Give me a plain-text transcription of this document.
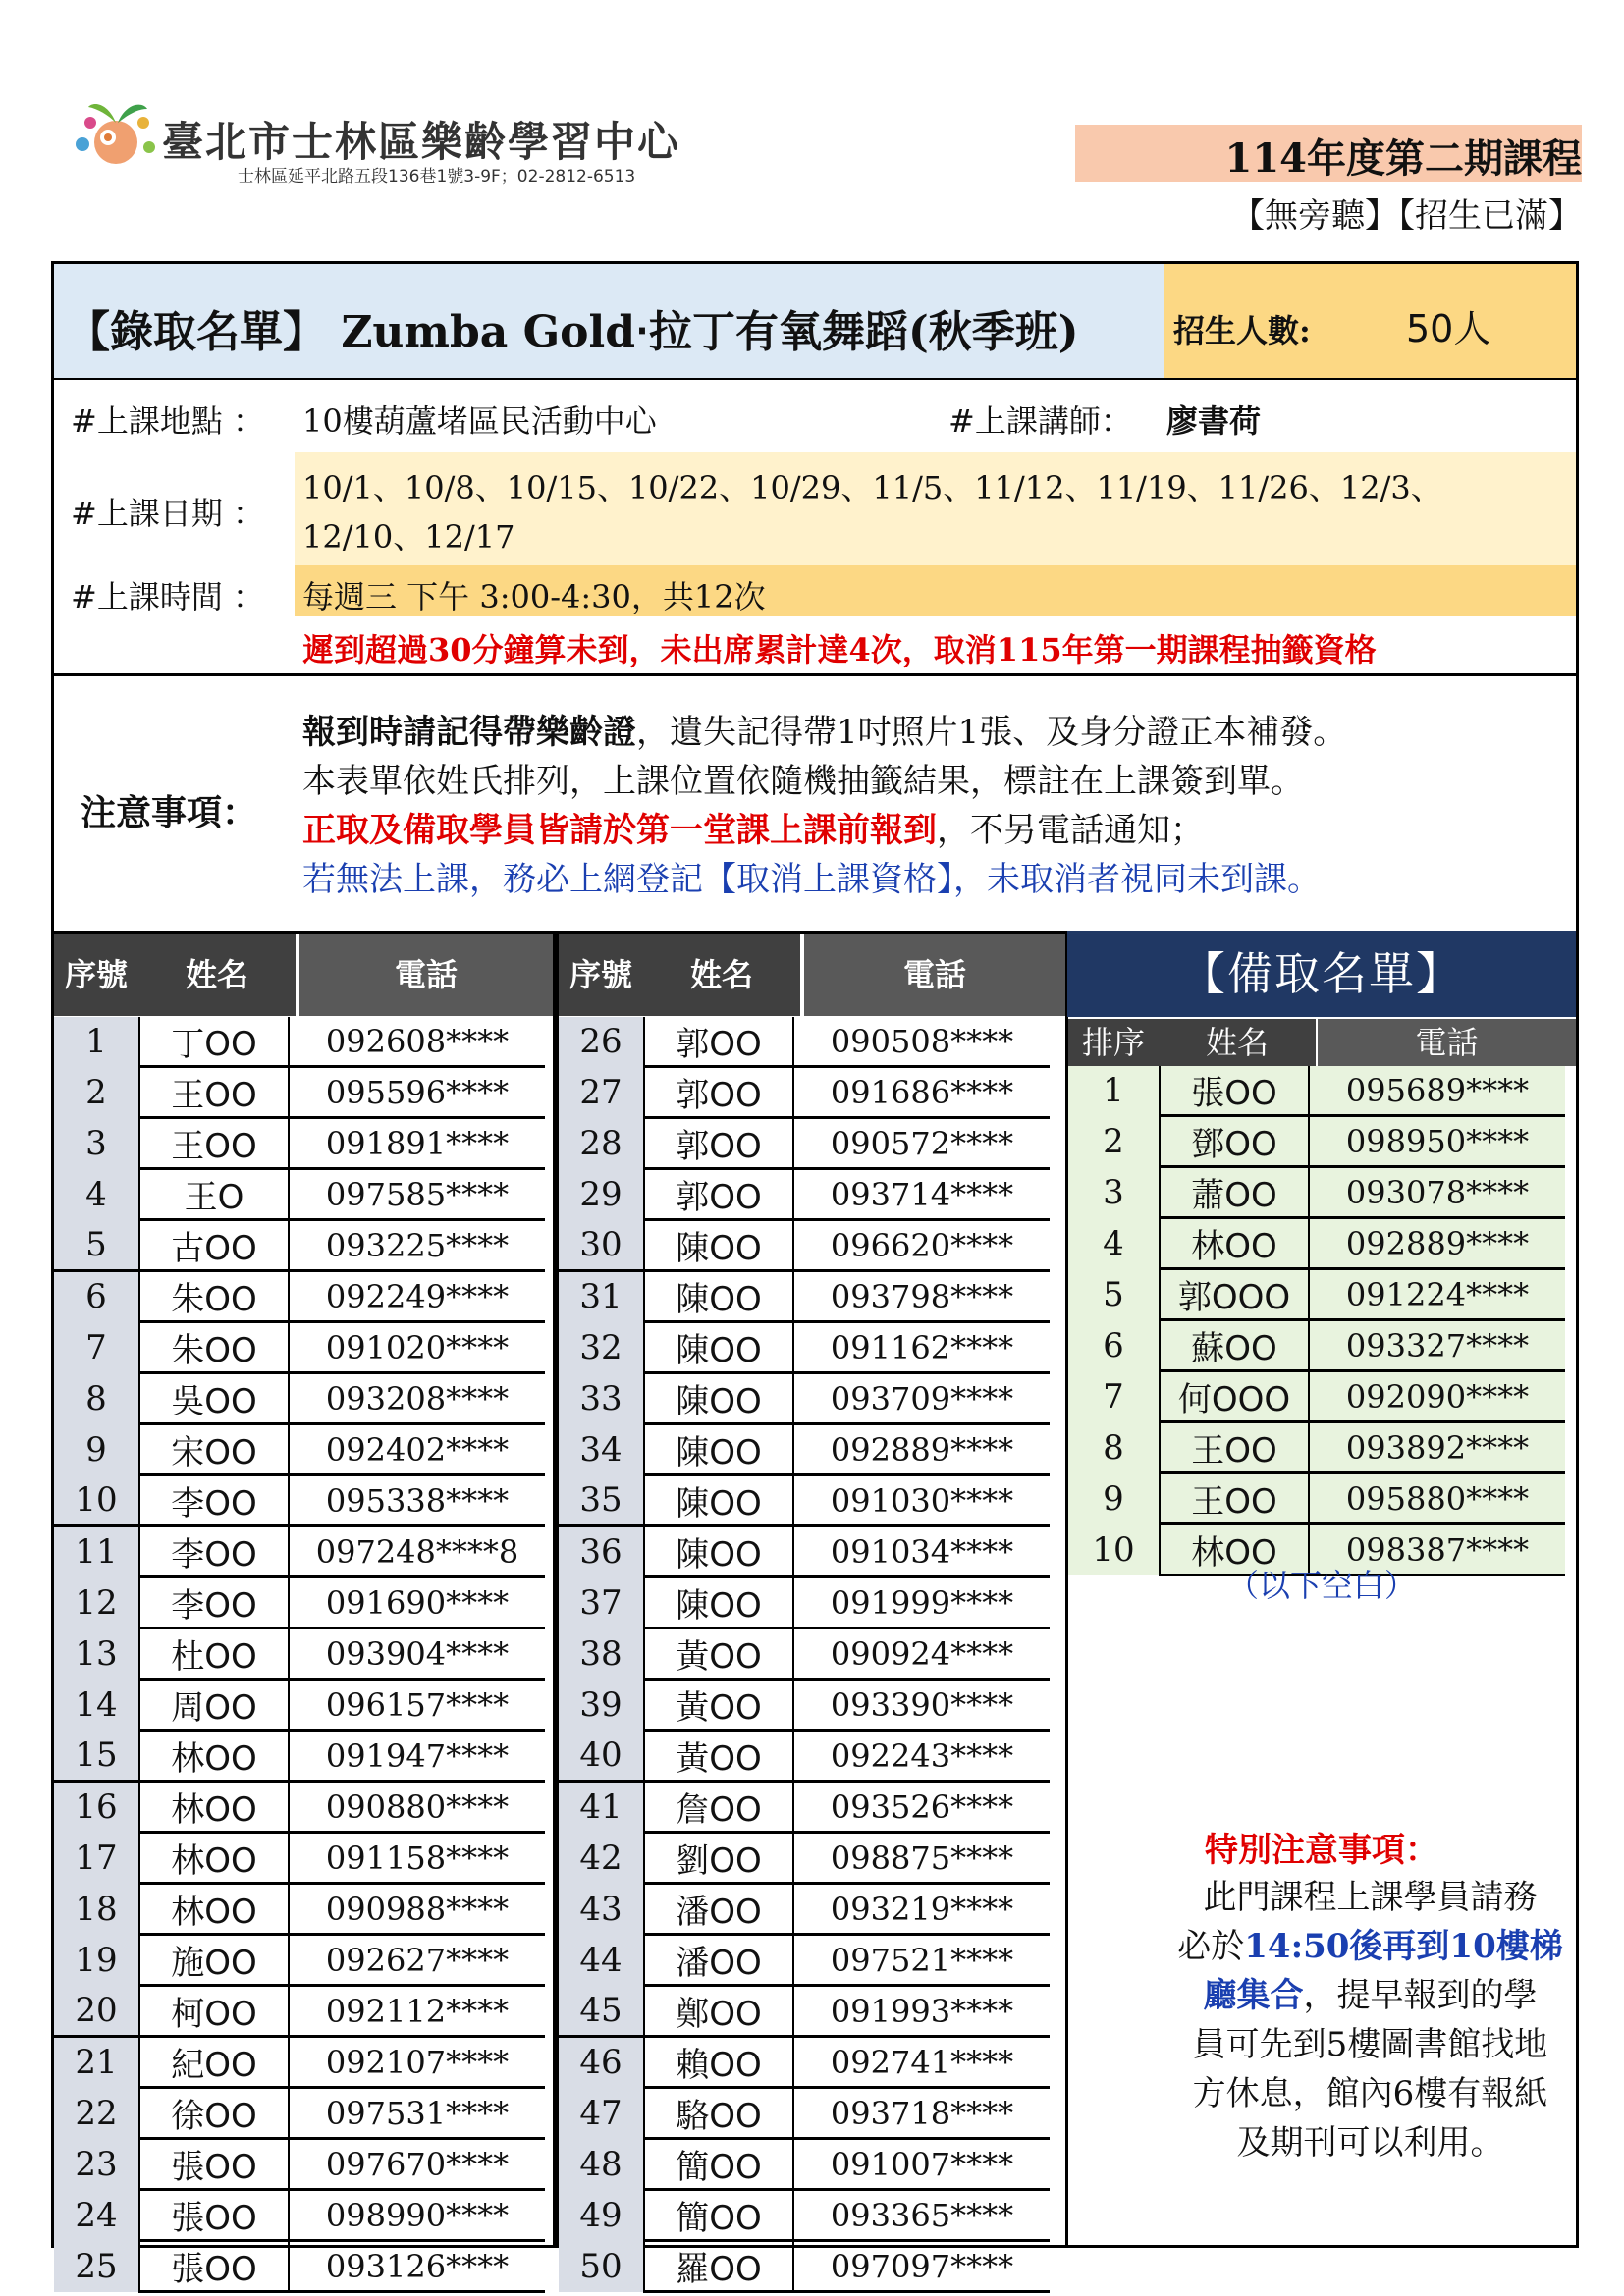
臺北市士林區樂齡學習中心
士林區延平北路五段136巷1號3-9F；02-2812-6513	114年度第二期課程
【無旁聽】【招生已滿】
【錄取名單】 Zumba Gold‧拉丁有氧舞蹈(秋季班)	招生人數:	50人
#上課地點 ： 10樓葫蘆堵區民活動中心	#上課講師： 廖書荷
#上課日期 ：
10/1、10/8、10/15、10/22、10/29、11/5、11/12、11/19、11/26、12/3、
12/10、12/17
#上課時間 ： 每週三 下午 3:00-4:30，共12次
遲到超過30分鐘算未到，未出席累計達4次，取消115年第一期課程抽籤資格
注意事項：
報到時請記得帶樂齡證，遺失記得帶1吋照片1張、及身分證正本補發。
本表單依姓氏排列，上課位置依隨機抽籤結果，標註在上課簽到單。
正取及備取學員皆請於第一堂課上課前報到，不另電話通知；
若無法上課，務必上網登記【取消上課資格】，未取消者視同未到課。
序號	姓名	電話	序號	姓名	電話
1	丁OO	092608****
2	王OO	095596****
3	王OO	091891****
4	王O	097585****
5	古OO	093225****
6	朱OO	092249****
7	朱OO	091020****
8	吳OO	093208****
9	宋OO	092402****
10	李OO	095338****
11	李OO	097248****8
12	李OO	091690****
13	杜OO	093904****
14	周OO	096157****
15	林OO	091947****
16	林OO	090880****
17	林OO	091158****
18	林OO	090988****
19	施OO	092627****
20	柯OO	092112****
21	紀OO	092107****
22	徐OO	097531****
23	張OO	097670****
24	張OO	098990****
25	張OO	093126****
26	郭OO	090508****
27	郭OO	091686****
28	郭OO	090572****
29	郭OO	093714****
30	陳OO	096620****
31	陳OO	093798****
32	陳OO	091162****
33	陳OO	093709****
34	陳OO	092889****
35	陳OO	091030****
36	陳OO	091034****
37	陳OO	091999****
38	黃OO	090924****
39	黃OO	093390****
40	黃OO	092243****
41	詹OO	093526****
42	劉OO	098875****
43	潘OO	093219****
44	潘OO	097521****
45	鄭OO	091993****
46	賴OO	092741****
47	駱OO	093718****
48	簡OO	091007****
49	簡OO	093365****
50	羅OO	097097****
【備取名單】
排序	姓名	電話
1	張OO	095689****
2	鄧OO	098950****
3	蕭OO	093078****
4	林OO	092889****
5	郭OOO	091224****
6	蘇OO	093327****
7	何OOO	092090****
8	王OO	093892****
9	王OO	095880****
10	林OO	098387****
（以下空白）
特別注意事項：
此門課程上課學員請務
必於14:50後再到10樓梯
廳集合，提早報到的學
員可先到5樓圖書館找地
方休息，館內6樓有報紙
及期刊可以利用。
